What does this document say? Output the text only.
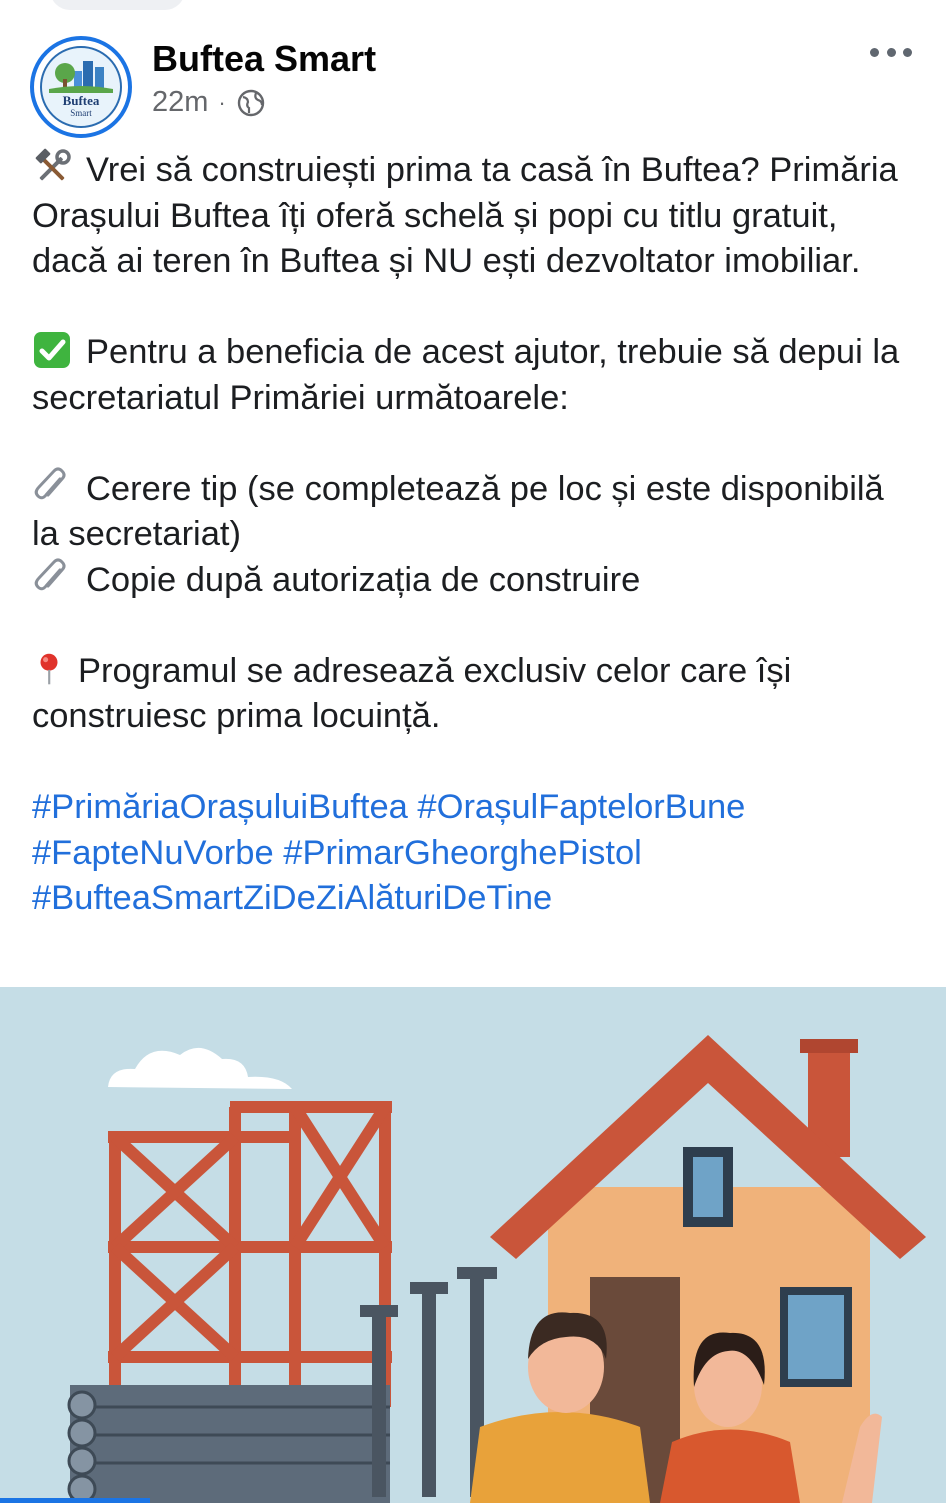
Buftea
Smart
Buftea Smart
22m ·

Vrei să construiești prima ta casă în Buftea? Primăria Orașului Buftea îți oferă schelă și popi cu titlu gratuit, dacă ai teren în Buftea și NU ești dezvoltator imobiliar.

Pentru a beneficia de acest ajutor, trebuie să depui la secretariatul Primăriei următoarele:

Cerere tip (se completează pe loc și este disponibilă la secretariat)

Copie după autorizația de construire

Programul se adresează exclusiv celor care își construiesc prima locuință.

#PrimăriaOrașuluiBuftea #OrașulFaptelorBune #FapteNuVorbe #PrimarGheorghePistol #BufteaSmartZiDeZiAlăturiDeTine
